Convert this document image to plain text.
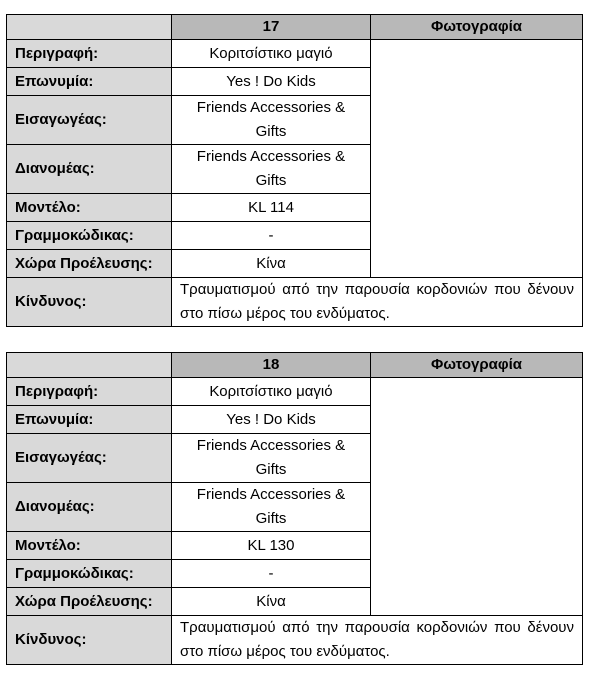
	17	Φωτογραφία
Περιγραφή:	Κοριτσίστικο μαγιό	
Επωνυμία:	Yes ! Do Kids	
Εισαγωγέας:	Friends Accessories & Gifts	
Διανομέας:	Friends Accessories & Gifts	
Μοντέλο:	KL 114	
Γραμμοκώδικας:	-	
Χώρα Προέλευσης:	Κίνα	
Κίνδυνος:	Τραυματισμού από την παρουσία κορδονιών που δένουν στο πίσω μέρος του ενδύματος.	
	18	Φωτογραφία
Περιγραφή:	Κοριτσίστικο μαγιό	
Επωνυμία:	Yes ! Do Kids	
Εισαγωγέας:	Friends Accessories & Gifts	
Διανομέας:	Friends Accessories & Gifts	
Μοντέλο:	KL 130	
Γραμμοκώδικας:	-	
Χώρα Προέλευσης:	Κίνα	
Κίνδυνος:	Τραυματισμού από την παρουσία κορδονιών που δένουν στο πίσω μέρος του ενδύματος.	
